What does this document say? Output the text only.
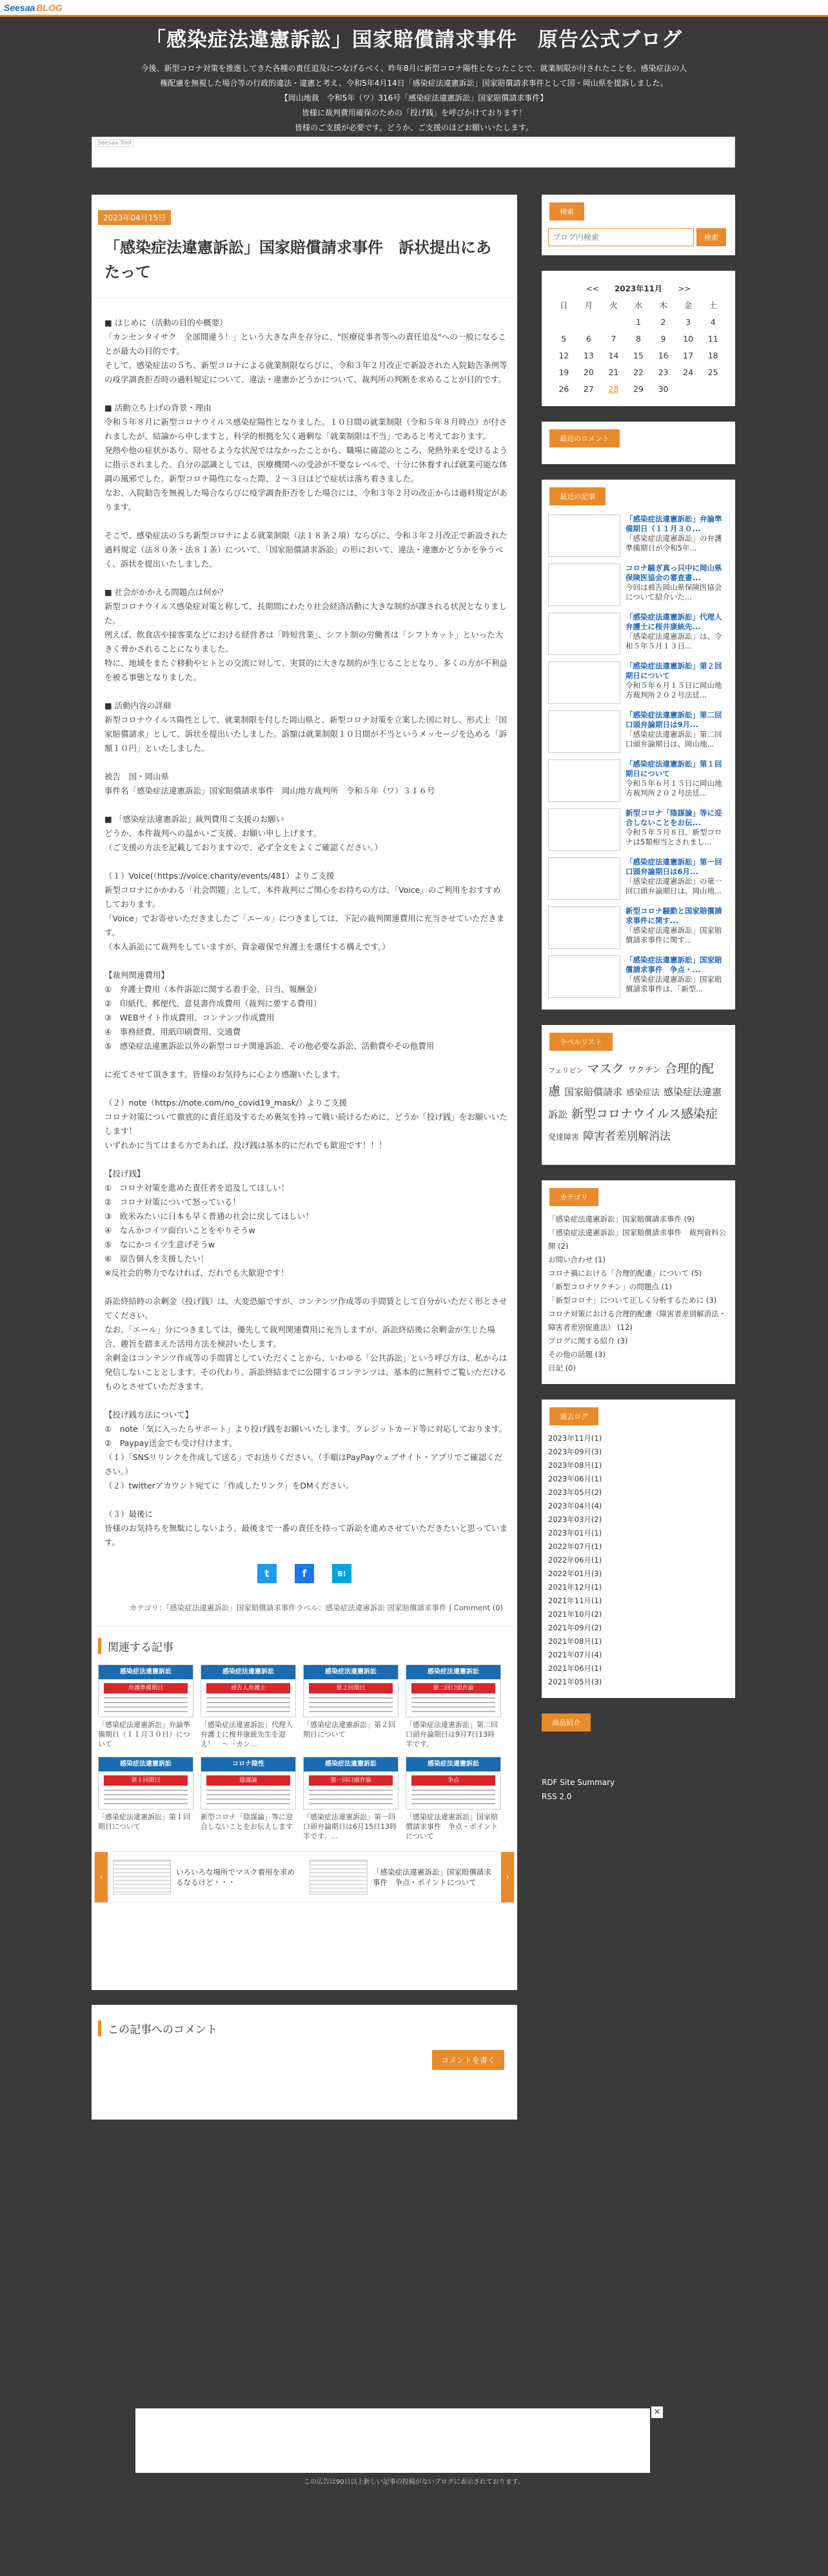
Seesaa BLOG
「感染症法違憲訴訟」国家賠償請求事件　原告公式ブログ
今後、新型コロナ対策を推進してきた各種の責任追及につなげるべく、昨年8月に新型コロナ陽性となったことで、就業制限が付されたことを、感染症法の人
権配慮を無視した場合等の行政的違法・違憲と考え、令和5年4月14日「感染症法違憲訴訟」国家賠償請求事件として国・岡山県を提訴しました。
【岡山地裁　令和5年（ワ）316号「感染症法違憲訴訟」国家賠償請求事件】
皆様に裁判費用確保のための「投げ銭」を呼びかけております！
皆様のご支援が必要です。どうか、ご支援のほどお願いいたします。
Seesaa Tool
2023年04月15日
「感染症法違憲訴訟」国家賠償請求事件　訴状提出にあたって
■ はじめに（活動の目的や概要）
「カンセンタイサク　全部間違う！」という大きな声を存分に、"医療従事者等への責任追及"への一般になることが最大の目的です。
そして、感染症法の５ち、新型コロナによる就業制限ならびに、令和３年２月改正で新設された入院勧告条例等の疫学調査拒否時の過料規定について、違法・違憲かどうかについて、裁判所の判断を求めることが目的です。
■ 活動立ち上げの背景・理由
令和５年８月に新型コロナウイルス感染症陽性となりました。１０日間の就業制限（令和５年８月時点）が付されましたが、結論から申しますと、科学的根拠を欠く過剰な「就業制限は不当」であると考えております。
発熱や他の症状があり、陪せるような状況ではなかったことから、職場に確認のところ、発熱外来を受けるように指示されました。自分の認識としては、医療機関への受診が不要なレベルで、十分に休養すれば就業可能な体調の風邪でした。新型コロナ陽性になった際、２〜３日ほどで症状は落ち着きました。
なお、入院勧告を無視した場合ならびに疫学調査拒否をした場合には、令和３年２月の改正からは過料規定があります。
そこで、感染症法の５ち新型コロナによる就業制限（法１８条２項）ならびに、令和３年２月改正で新設された過料規定（法８０条・法８１条）について、「国家賠償請求訴訟」の形において、違法・違憲かどうかを争うべく、訴状を提出いたしました。
■ 社会がかかえる問題点は何か？
新型コロナウイルス感染症対策と称して、長期間にわたり社会経済活動に大きな制約が課される状況となりました。
例えば、飲食店や接客業などにおける経営者は「時短営業」、シフト制の労働者は「シフトカット」といった大きく脅かされることになりました。
特に、地域をまたぐ移動やヒトとの交流に対して、実質的に大きな制約が生じることとなり、多くの方が不利益を被る事態となりました。
■ 活動内容の詳細
新型コロナウイルス陽性として、就業制限を付した岡山県と、新型コロナ対策を立案した国に対し、形式上「国家賠償請求」として、訴状を提出いたしました。訴額は就業制限１０日間が不当というメッセージを込める「訴額１０円」といたしました。
被告　国・岡山県
事件名「感染症法違憲訴訟」国家賠償請求事件　岡山地方裁判所　令和５年（ワ）３１６号
■ 「感染症法違憲訴訟」裁判費用ご支援のお願い
どうか、本件裁判への温かいご支援、お願い申し上げます。
（ご支援の方法を記載しておりますので、必ず全文をよくご確認ください。）
（１）Voice(（https://voice.charity/events/481）よりご支援
新型コロナにかかわる「社会問題」として、本件裁判にご関心をお持ちの方は、「Voice」のご利用をおすすめしております。
「Voice」でお寄せいただきましたご「エール」につきましては、下記の裁判関連費用に充当させていただきます。
（本人訴訟にて裁判をしていますが、資金確保で弁護士を選任する構えです。）
【裁判関連費用】
①　弁護士費用（本件訴訟に関する着手金、日当、報酬金）
②　印紙代、郵便代、意見書作成費用（裁判に要する費用）
③　WEBサイト作成費用、コンテンツ作成費用
④　事務経費、用紙印刷費用、交通費
⑤　感染症法違憲訴訟以外の新型コロナ関連訴訟、その他必要な訴訟、活動費やその他費用
に充てさせて頂きます。皆様のお気持ちに心より感謝いたします。
（２）note（https://note.com/no_covid19_mask/）よりご支援
コロナ対策について徹底的に責任追及するため裏気を持って戦い続けるために、どうか「投げ銭」をお願いいたします！
いずれかに当てはまる方であれば、投げ銭は基本的にだれでも歓迎です！！！
【投げ銭】
①　コロナ対策を進めた責任者を追及してほしい！
②　コロナ対策について怒っている！
③　欧米みたいに日本も早く普通の社会に戻してほしい！
④　なんかコイツ面白いことをやりそうw
⑤　なにかコイツ生意げそうw
⑥　原告個人を支援したい！
※反社会的勢力でなければ、だれでも大歓迎です！
訴訟終結時の余剰金（投げ銭）は、大変恐縮ですが、コンテンツ作成等の手間賃として自分がいただく形とさせてください。
なお、「エール」分につきましては、優先して裁判関連費用に充当しますが、訴訟終結後に余剰金が生じた場合、趣旨を踏まえた活用方法を検討いたします。
余剰金はコンテンツ作成等の手間賃としていただくことから、いわゆる「公共訴訟」という呼び方は、私からは発信しないこととします。その代わり、訴訟終結までに公開するコンテンツは、基本的に無料でご覧いただけるものとさせていただきます。
【投げ銭方法について】
①　note「気に入ったらサポート」より投げ銭をお願いいたします。クレジットカード等に対応しております。
②　Paypay送金でも受け付けます。
（１）「SNSリリンクを作成して送る」でお送りください。（手順はPayPayウェブサイト・アプリでご確認ください。）
（２）twitterアカウント宛てに「作成したリンク」をDMください。
（３）最後に
皆様のお気持ちを無駄にしないよう、最後まで一番の責任を持って訴訟を進めさせていただきたいと思っています。
t	f	B!
カテゴリ：「感染症法違憲訴訟」国家賠償請求事件ラベル：感染症法違憲訴訟 国家賠償請求事件 | Comment (0)
関連する記事
感染症法違憲訴訟
弁護準備期日
「感染症法違憲訴訟」弁論準備期日（１１月３０日）について
感染症法違憲訴訟
被告人弁護士
「感染症法違憲訴訟」代理人弁護士に桜井康統先生を迎え！　〜「カン...
感染症法違憲訴訟
第２回期日
「感染症法違憲訴訟」第２回期日について
感染症法違憲訴訟
第二回口頭弁論
「感染症法違憲訴訟」第二回口頭弁論期日は9月7日13時半です。
感染症法違憲訴訟
第１回期日
「感染症法違憲訴訟」第１回期日について
コロナ陰性
陰謀論
新型コロナ「陰謀論」等に迎合しないことをお伝えします
感染症法違憲訴訟
第一回口頭弁論
「感染症法違憲訴訟」第一回口頭弁論期日は6月15日13時半です。...
感染症法違憲訴訟
争点
「感染症法違憲訴訟」国家賠償請求事件　争点・ポイントについて
‹	いろいろな場所でマスク着用を求めるなるけど・・・
「感染症法違憲訴訟」国家賠償請求事件　争点・ポイントについて	›
この記事へのコメント
コメントを書く
検索
ブログ内検索
検索
<<　　 2023年11月　　 >>
日	月	火	水	木	金	土
			1	2	3	4
5	6	7	8	9	10	11
12	13	14	15	16	17	18
19	20	21	22	23	24	25
26	27	28	29	30		
最近のコメント
最近の記事
「感染症法違憲訴訟」弁論準備期日（１１月３０...
「感染症法違憲訴訟」の弁護準備期日が令和5年...
コロナ騒ぎ真っ只中に岡山県保険医協会の審査書...
今回は被告岡山県保険医協会について紹介いた...
「感染症法違憲訴訟」代理人弁護士に桜井康統先...
「感染症法違憲訴訟」は、令和５年５月１３日...
「感染症法違憲訴訟」第２回期日について
令和５年６月１５日に岡山地方裁判所２０２号法廷...
「感染症法違憲訴訟」第二回口頭弁論期日は9月...
「感染症法違憲訴訟」第二回口頭弁論期日は、岡山地...
「感染症法違憲訴訟」第１回期日について
令和５年６月１５日に岡山地方裁判所２０２号法廷...
新型コロナ「陰謀論」等に迎合しないことをお伝...
令和５年５月８日、新型コロナは5類相当とされまし...
「感染症法違憲訴訟」第一回口頭弁論期日は6月...
「感染症法違憲訴訟」の第一回口頭弁論期日は、岡山地...
新型コロナ騒動と国家賠償請求事件に関す...
「感染症法違憲訴訟」国家賠償請求事件に関す...
「感染症法違憲訴訟」国家賠償請求事件　争点・...
「感染症法違憲訴訟」国家賠償請求事件は、「新型...
ラベルリスト
フェリビン マスク ワクチン 合理的配慮 国家賠償請求 感染症法 感染症法違憲訴訟 新型コロナウイルス感染症発達障害 障害者差別解消法
カテゴリ
「感染症法違憲訴訟」国家賠償請求事件 (9)
「感染症法違憲訴訟」国家賠償請求事件　裁判資料公開 (2)
お問い合わせ (1)
コロナ禍における「合理的配慮」について (5)
「新型コロナワクチン」の問題点 (1)
「新型コロナ」について正しく分析するために (3)
コロナ対策における合理的配慮（障害者差別解消法・障害者差別促進法） (12)
ブログに関する紹介 (3)
その他の話題 (3)
日記 (0)
過去ログ
2023年11月(1)
2023年09月(3)
2023年08月(1)
2023年06月(1)
2023年05月(2)
2023年04月(4)
2023年03月(2)
2023年01月(1)
2022年07月(1)
2022年06月(1)
2022年01月(3)
2021年12月(1)
2021年11月(1)
2021年10月(2)
2021年09月(2)
2021年08月(1)
2021年07月(4)
2021年06月(1)
2021年05月(3)
商品紹介
RDF Site Summary
RSS 2.0
×
この広告は90日以上新しい記事の投稿がないブログに表示されております。
